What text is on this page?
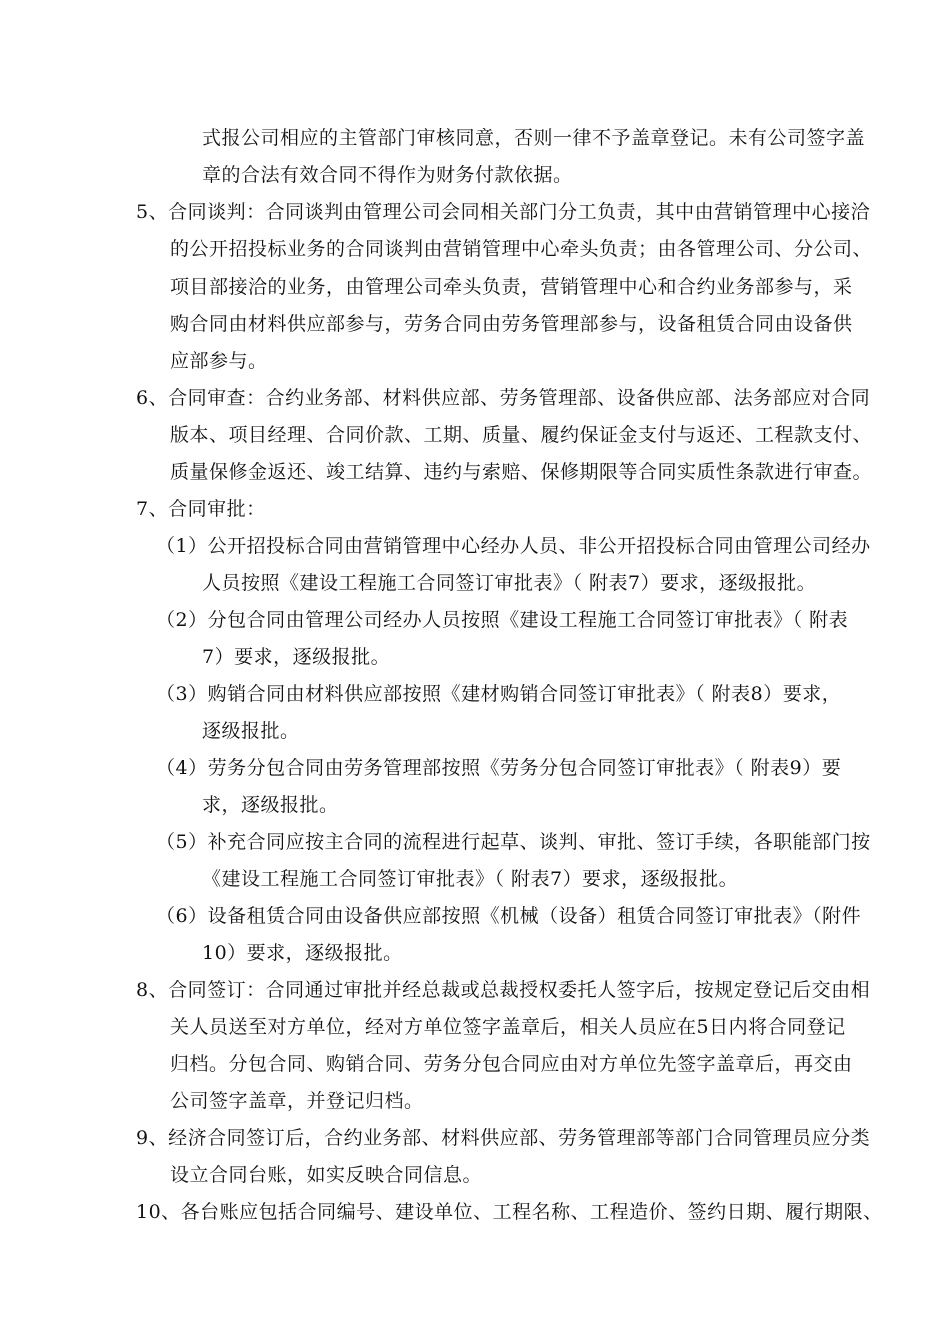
式报公司相应的主管部门审核同意，否则一律不予盖章登记。未有公司签字盖
章的合法有效合同不得作为财务付款依据。
5、合同谈判：合同谈判由管理公司会同相关部门分工负责，其中由营销管理中心接洽
的公开招投标业务的合同谈判由营销管理中心牵头负责；由各管理公司、分公司、
项目部接洽的业务，由管理公司牵头负责，营销管理中心和合约业务部参与，采
购合同由材料供应部参与，劳务合同由劳务管理部参与，设备租赁合同由设备供
应部参与。
6、合同审查：合约业务部、材料供应部、劳务管理部、设备供应部、法务部应对合同
版本、项目经理、合同价款、工期、质量、履约保证金支付与返还、工程款支付、
质量保修金返还、竣工结算、违约与索赔、保修期限等合同实质性条款进行审查。
7、合同审批：
（1）公开招投标合同由营销管理中心经办人员、非公开招投标合同由管理公司经办
人员按照《建设工程施工合同签订审批表》（ 附表7）要求，逐级报批。
（2）分包合同由管理公司经办人员按照《建设工程施工合同签订审批表》（ 附表
7）要求，逐级报批。
（3）购销合同由材料供应部按照《建材购销合同签订审批表》（ 附表8）要求，
逐级报批。
（4）劳务分包合同由劳务管理部按照《劳务分包合同签订审批表》（ 附表9）要
求，逐级报批。
（5）补充合同应按主合同的流程进行起草、谈判、审批、签订手续，各职能部门按
《建设工程施工合同签订审批表》（ 附表7）要求，逐级报批。
（6）设备租赁合同由设备供应部按照《机械（设备）租赁合同签订审批表》（附件
10）要求，逐级报批。
8、合同签订：合同通过审批并经总裁或总裁授权委托人签字后，按规定登记后交由相
关人员送至对方单位，经对方单位签字盖章后，相关人员应在5日内将合同登记
归档。分包合同、购销合同、劳务分包合同应由对方单位先签字盖章后，再交由
公司签字盖章，并登记归档。
9、经济合同签订后，合约业务部、材料供应部、劳务管理部等部门合同管理员应分类
设立合同台账，如实反映合同信息。
10、各台账应包括合同编号、建设单位、工程名称、工程造价、签约日期、履行期限、
